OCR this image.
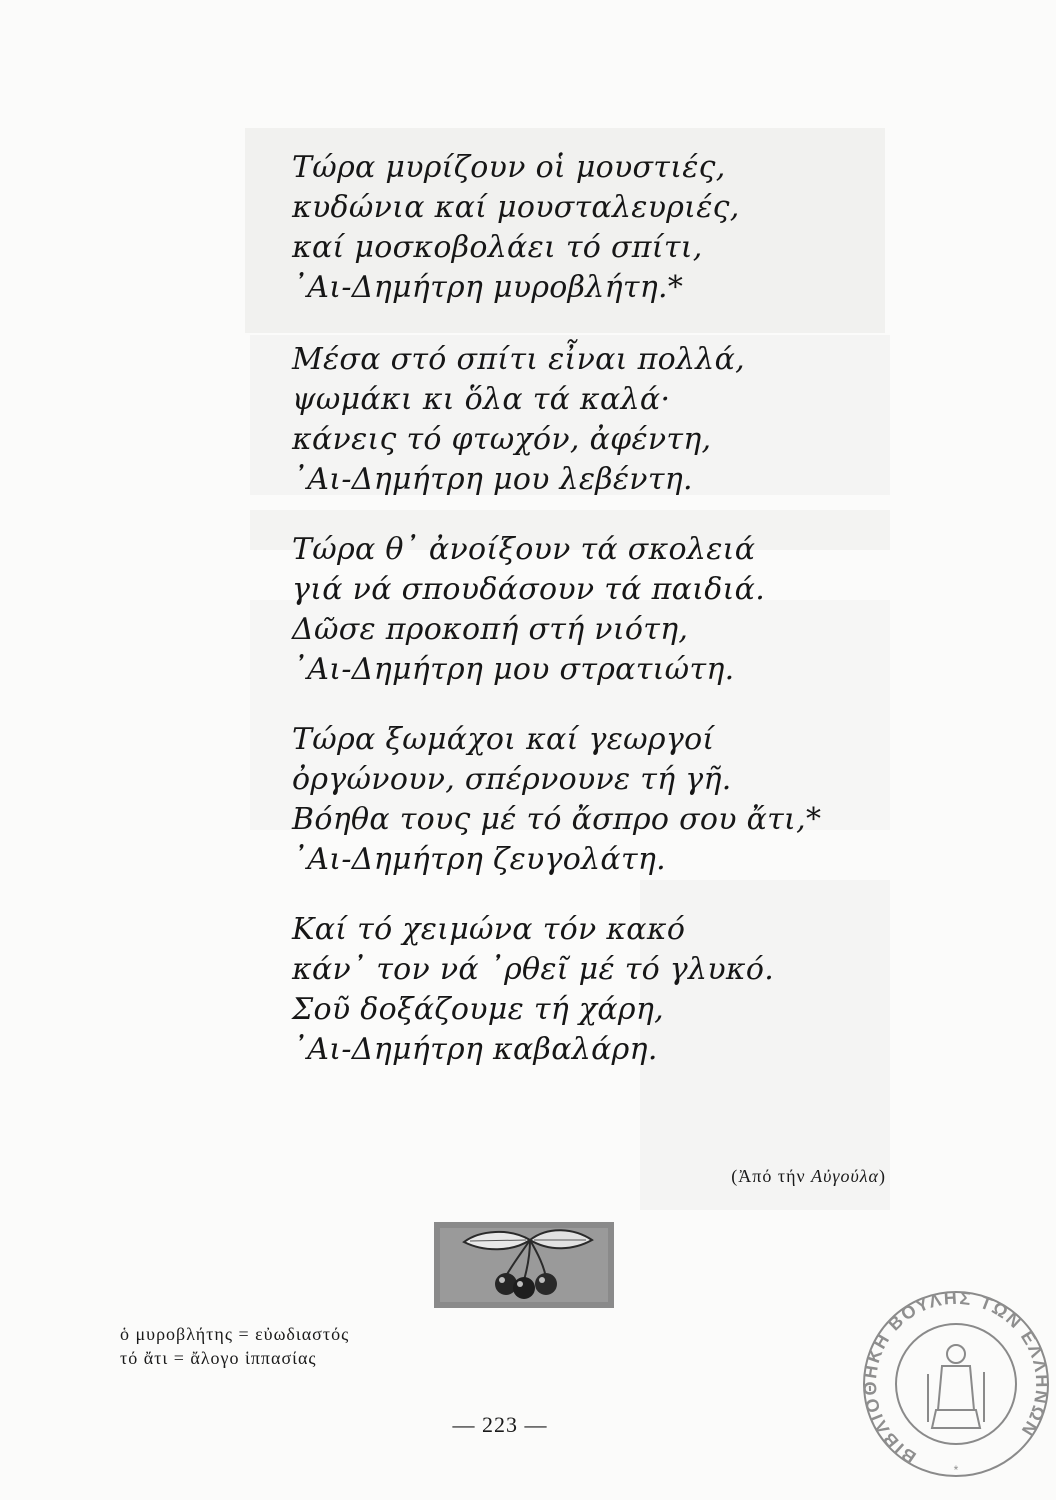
Τώρα μυρίζουν οἱ μουστιές,
κυδώνια καί μουσταλευριές,
καί μοσκοβολάει τό σπίτι,
᾿Αι-Δημήτρη μυροβλήτη.*
Μέσα στό σπίτι εἶναι πολλά,
ψωμάκι κι ὅλα τά καλά·
κάνεις τό φτωχόν, ἀφέντη,
᾿Αι-Δημήτρη μου λεβέντη.
Τώρα θ᾿ ἀνοίξουν τά σκολειά
γιά νά σπουδάσουν τά παιδιά.
Δῶσε προκοπή στή νιότη,
᾿Αι-Δημήτρη μου στρατιώτη.
Τώρα ξωμάχοι καί γεωργοί
ὀργώνουν, σπέρνουνε τή γῆ.
Βόηθα τους μέ τό ἄσπρο σου ἄτι,*
᾿Αι-Δημήτρη ζευγολάτη.
Καί τό χειμώνα τόν κακό
κάν᾿ τον νά ᾿ρθεῖ μέ τό γλυκό.
Σοῦ δοξάζουμε τή χάρη,
᾿Αι-Δημήτρη καβαλάρη.
(Ἀπό τήν Αὐγούλα)
ὁ μυροβλήτης = εὐωδιαστός
τό ἄτι = ἄλογο ἱππασίας
— 223 —
ΒΙΒΛΙΟΘΗΚΗ ΒΟΥΛΗΣ ΤΩΝ ΕΛΛΗΝΩΝ
*
